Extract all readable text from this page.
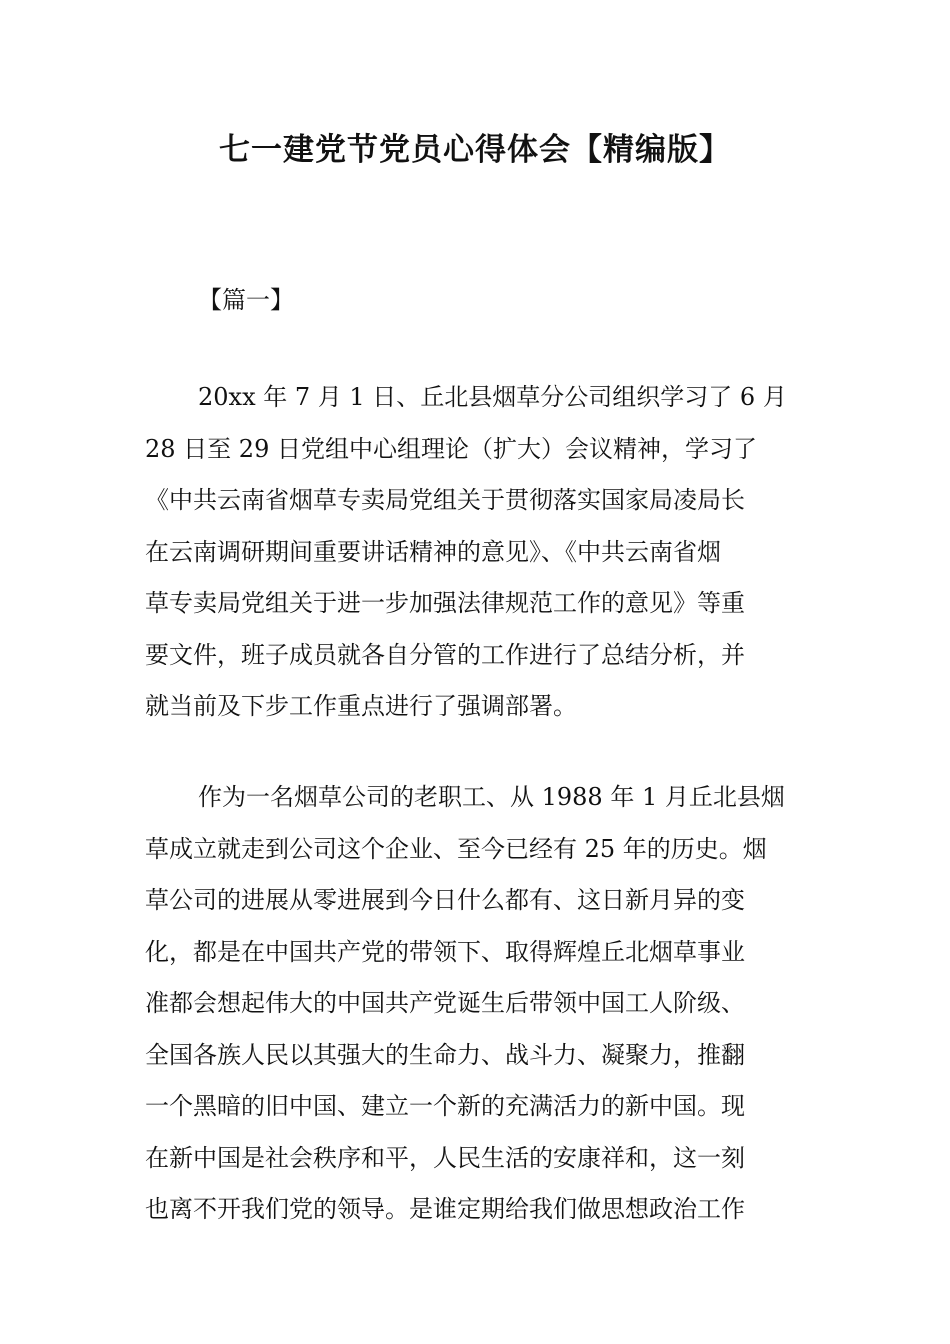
七一建党节党员心得体会【精编版】

【篇一】

20xx 年 7 月 1 日、丘北县烟草分公司组织学习了 6 月
28 日至 29 日党组中心组理论（扩大）会议精神，学习了
《中共云南省烟草专卖局党组关于贯彻落实国家局凌局长
在云南调研期间重要讲话精神的意见》、《中共云南省烟
草专卖局党组关于进一步加强法律规范工作的意见》等重
要文件，班子成员就各自分管的工作进行了总结分析，并
就当前及下步工作重点进行了强调部署。
作为一名烟草公司的老职工、从 1988 年 1 月丘北县烟
草成立就走到公司这个企业、至今已经有 25 年的历史。烟
草公司的进展从零进展到今日什么都有、这日新月异的变
化，都是在中国共产党的带领下、取得辉煌丘北烟草事业
准都会想起伟大的中国共产党诞生后带领中国工人阶级、
全国各族人民以其强大的生命力、战斗力、凝聚力，推翻
一个黑暗的旧中国、建立一个新的充满活力的新中国。现
在新中国是社会秩序和平，人民生活的安康祥和，这一刻
也离不开我们党的领导。是谁定期给我们做思想政治工作
